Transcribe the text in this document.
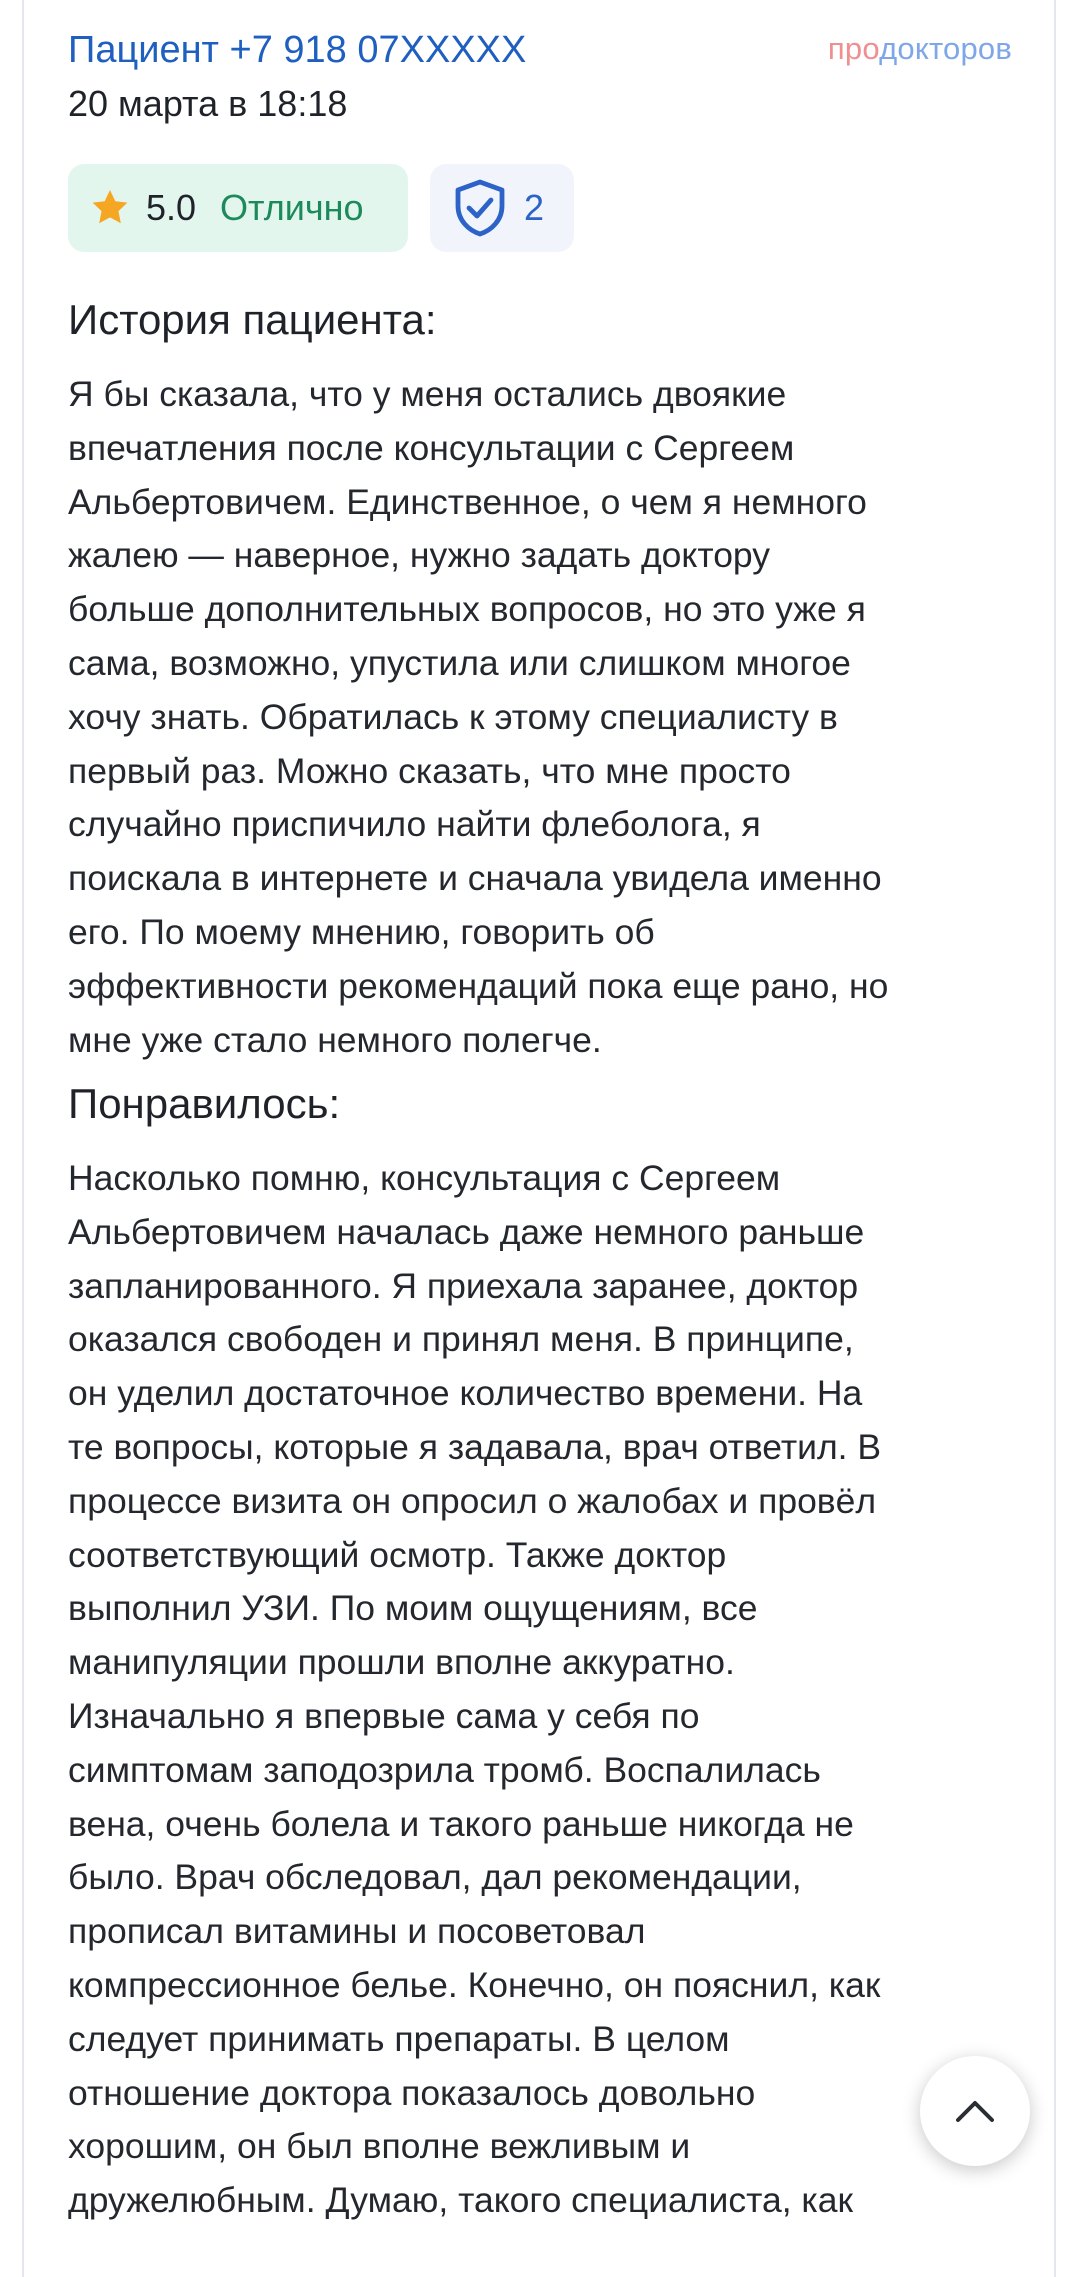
Пациент +7 918 07XXXXX	продокторов
20 марта в 18:18
5.0 Отлично	2
История пациента:
Я бы сказала, что у меня остались двоякие
впечатления после консультации с Сергеем
Альбертовичем. Единственное, о чем я немного
жалею — наверное, нужно задать доктору
больше дополнительных вопросов, но это уже я
сама, возможно, упустила или слишком многое
хочу знать. Обратилась к этому специалисту в
первый раз. Можно сказать, что мне просто
случайно приспичило найти флеболога, я
поискала в интернете и сначала увидела именно
его. По моему мнению, говорить об
эффективности рекомендаций пока еще рано, но
мне уже стало немного полегче.
Понравилось:
Насколько помню, консультация с Сергеем
Альбертовичем началась даже немного раньше
запланированного. Я приехала заранее, доктор
оказался свободен и принял меня. В принципе,
он уделил достаточное количество времени. На
те вопросы, которые я задавала, врач ответил. В
процессе визита он опросил о жалобах и провёл
соответствующий осмотр. Также доктор
выполнил УЗИ. По моим ощущениям, все
манипуляции прошли вполне аккуратно.
Изначально я впервые сама у себя по
симптомам заподозрила тромб. Воспалилась
вена, очень болела и такого раньше никогда не
было. Врач обследовал, дал рекомендации,
прописал витамины и посоветовал
компрессионное белье. Конечно, он пояснил, как
следует принимать препараты. В целом
отношение доктора показалось довольно
хорошим, он был вполне вежливым и
дружелюбным. Думаю, такого специалиста, как
